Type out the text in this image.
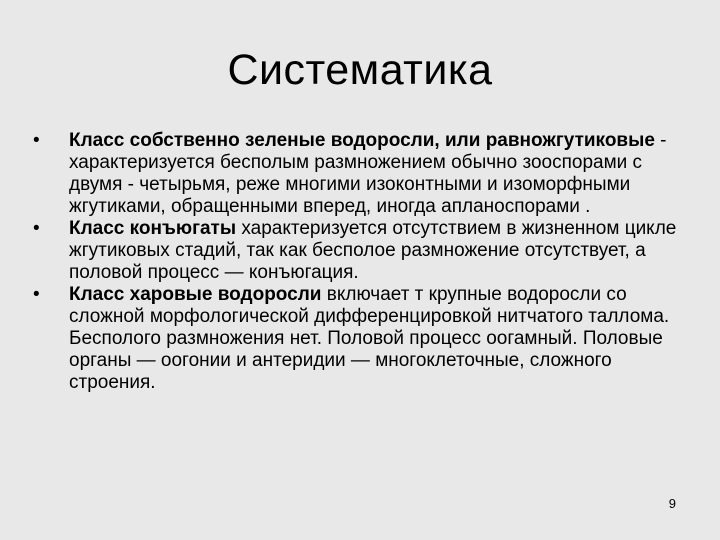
Систематика
•	Класс собственно зеленые водоросли, или равножгутиковые - характеризуется бесполым размножением обычно зооспорами с двумя - четырьмя, реже многими изоконтными и изоморфными жгутиками, обращенными вперед, иногда апланоспорами .
•	Класс конъюгаты характеризуется отсутствием в жизненном цикле жгутиковых стадий, так как бесполое размножение отсутствует, а половой процесс — конъюгация.
•	Класс харовые водоросли включает т крупные водоросли со сложной морфологической дифференцировкой нитчатого таллома. Бесполого размножения нет. Половой процесс оогамный. Половые органы — оогонии и антеридии — многоклеточные, сложного строения.
9
